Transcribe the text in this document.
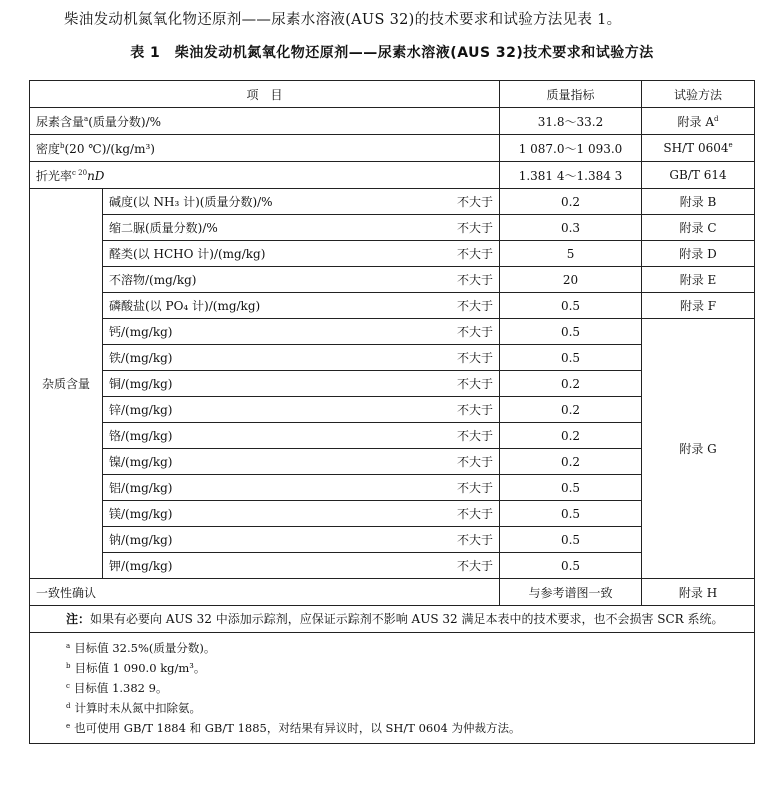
柴油发动机氮氧化物还原剂——尿素水溶液(AUS 32)的技术要求和试验方法见表 1。
表 1　柴油发动机氮氧化物还原剂——尿素水溶液(AUS 32)技术要求和试验方法
项　目		质量指标	试验方法
尿素含量$^a$(质量分数)/%		31.8～33.2	附录 $A^d$
密度$^b$(20 ℃)/(kg/m³)		1 087.0～1 093.0	SH/T 0604e
折光率$^{c 20}$nD		1.381 4～1.384 3	GB/T 614
杂质含量	碱度(以 NH₃ 计)(质量分数)/% 不大于	0.2	附录 B

	缩二脲(质量分数)/% 不大于	0.3	附录 C

	醛类(以 HCHO 计)/(mg/kg) 不大于	5	附录 D

	不溶物/(mg/kg) 不大于	20	附录 E

	磷酸盐(以 PO₄ 计)/(mg/kg) 不大于	0.5	附录 F

	钙/(mg/kg) 不大于	0.5	附录 G

	铁/(mg/kg) 不大于	0.5	

	铜/(mg/kg) 不大于	0.2	

	锌/(mg/kg) 不大于	0.2	

	铬/(mg/kg) 不大于	0.2	

	镍/(mg/kg) 不大于	0.2	

	铝/(mg/kg) 不大于	0.5	

	镁/(mg/kg) 不大于	0.5	

	钠/(mg/kg) 不大于	0.5	

	钾/(mg/kg) 不大于	0.5	
一致性确认		与参考谱图一致	附录 H
注：如果有必要向 AUS 32 中添加示踪剂，应保证示踪剂不影响 AUS 32 满足本表中的技术要求，也不会损害 SCR 系统。			

$^a$ 目标值 32.5%(质量分数)。
$^b$ 目标值 1 090.0 kg/m³。
$^c$ 目标值 1.382 9。
$^d$ 计算时未从氮中扣除氨。
$^e$ 也可使用 GB/T 1884 和 GB/T 1885，对结果有异议时，以 SH/T 0604 为仲裁方法。			
